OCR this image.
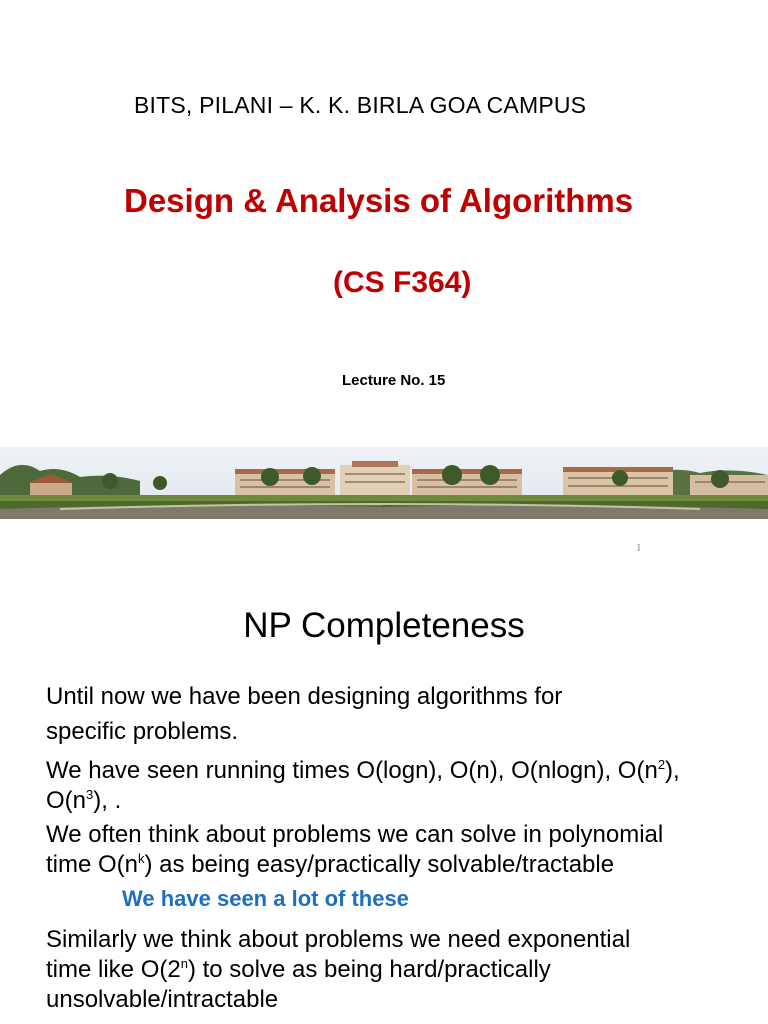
BITS, PILANI – K. K. BIRLA GOA CAMPUS
Design & Analysis of Algorithms
(CS F364)
Lecture No. 15
1
NP Completeness
Until now we have been designing algorithms for
specific problems.
We have seen running times O(logn), O(n), O(nlogn), $O(n^2)$,
$O(n^3)$, .
We often think about problems we can solve in polynomial
time $O(n^k)$ as being easy/practically solvable/tractable
We have seen a lot of these
Similarly we think about problems we need exponential
time like O(2$^n$) to solve as being hard/practically
unsolvable/intractable
